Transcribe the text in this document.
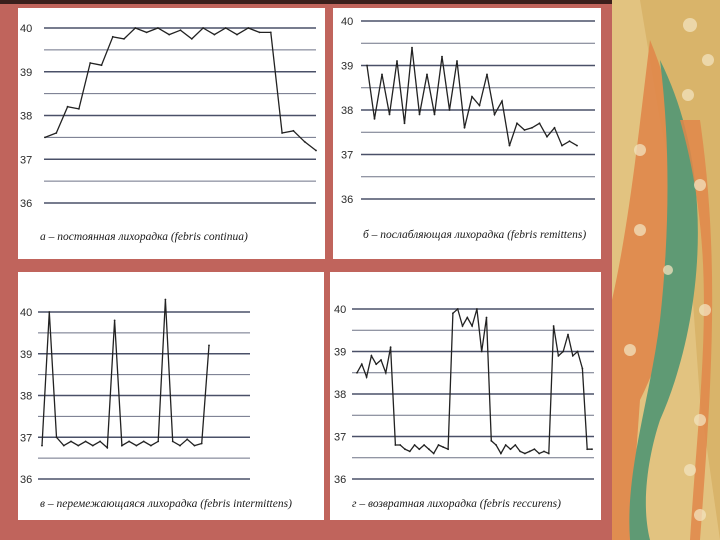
40
39
38
37
36
а – постоянная лихорадка (febris continua)
40
39
38
37
36
б – послабляющая лихорадка (febris remittens)
40
39
38
37
36
в – перемежающаяся лихорадка (febris intermittens)
40
39
38
37
36
г – возвратная лихорадка (febris reccurens)
